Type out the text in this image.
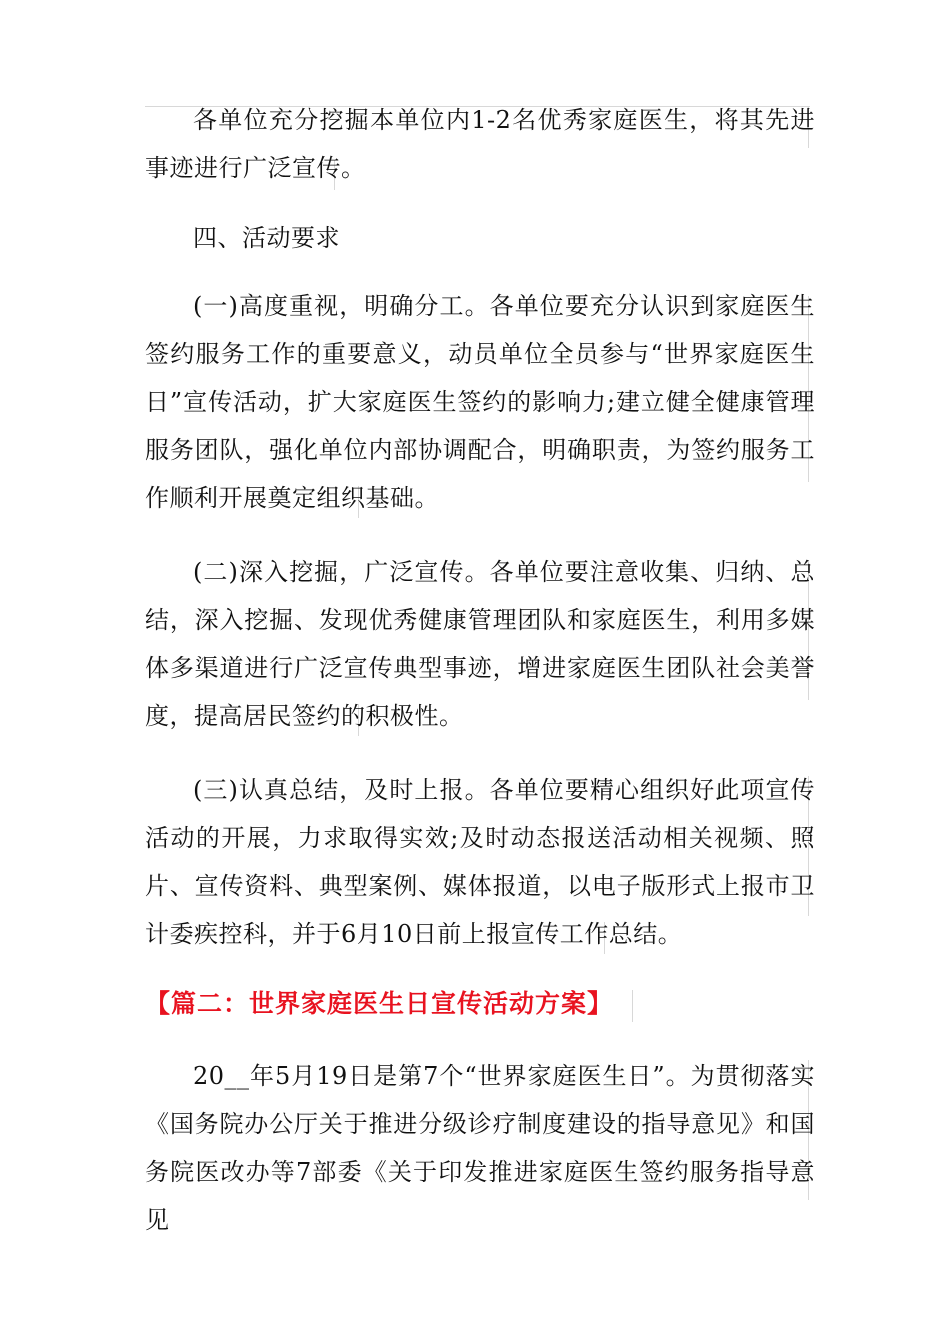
各单位充分挖掘本单位内1-2名优秀家庭医生，将其先进事迹进行广泛宣传。

四、活动要求

(一)高度重视，明确分工。各单位要充分认识到家庭医生签约服务工作的重要意义，动员单位全员参与“世界家庭医生日”宣传活动，扩大家庭医生签约的影响力;建立健全健康管理服务团队，强化单位内部协调配合，明确职责，为签约服务工作顺利开展奠定组织基础。

(二)深入挖掘，广泛宣传。各单位要注意收集、归纳、总结，深入挖掘、发现优秀健康管理团队和家庭医生，利用多媒体多渠道进行广泛宣传典型事迹，增进家庭医生团队社会美誉度，提高居民签约的积极性。

(三)认真总结，及时上报。各单位要精心组织好此项宣传活动的开展，力求取得实效;及时动态报送活动相关视频、照片、宣传资料、典型案例、媒体报道，以电子版形式上报市卫计委疾控科，并于6月10日前上报宣传工作总结。

【篇二：世界家庭医生日宣传活动方案】

20__年5月19日是第7个“世界家庭医生日”。为贯彻落实《国务院办公厅关于推进分级诊疗制度建设的指导意见》和国务院医改办等7部委《关于印发推进家庭医生签约服务指导意见
